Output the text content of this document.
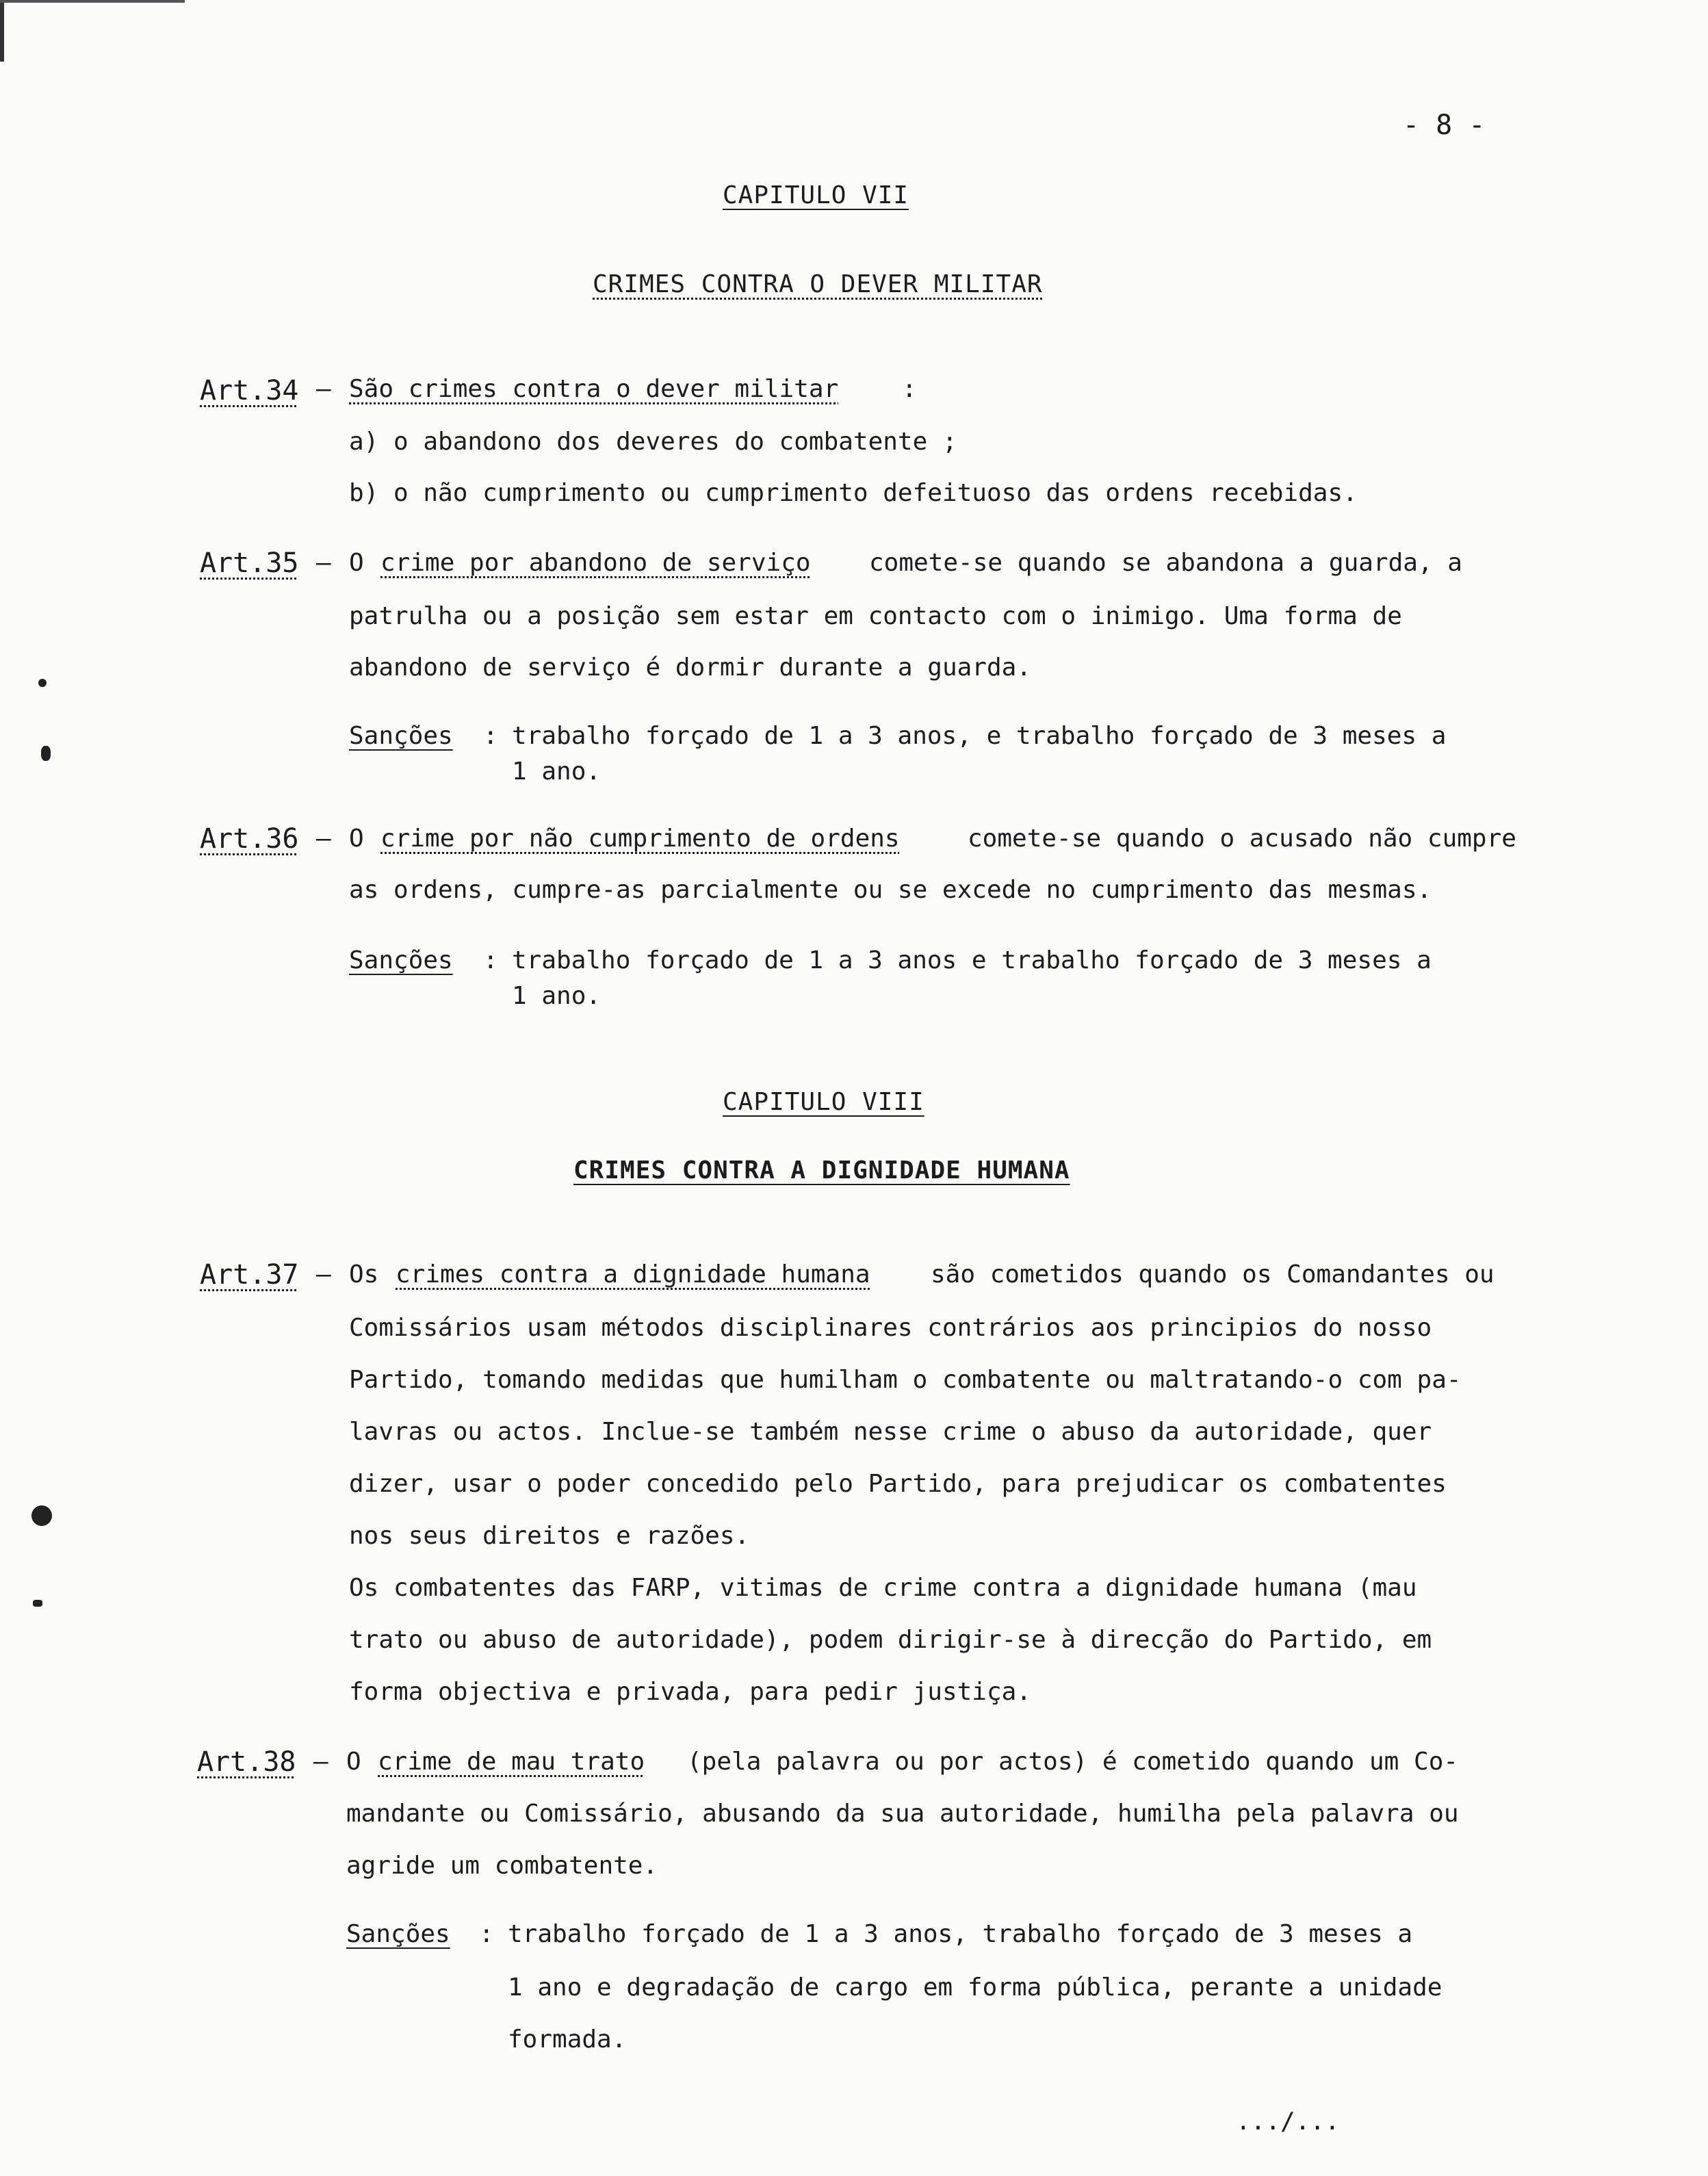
- 8 -
CAPITULO VII
CRIMES CONTRA O DEVER MILITAR
Art.34 – São crimes contra o dever militar	:
a) o abandono dos deveres do combatente ;
b) o não cumprimento ou cumprimento defeituoso das ordens recebidas.
Art.35 – O crime por abandono de serviço comete-se quando se abandona a guarda, a
patrulha ou a posição sem estar em contacto com o inimigo. Uma forma de
abandono de serviço é dormir durante a guarda.
Sanções : trabalho forçado de 1 a 3 anos, e trabalho forçado de 3 meses a
1 ano.
Art.36 – O crime por não cumprimento de ordens	comete-se quando o acusado não cumpre
as ordens, cumpre-as parcialmente ou se excede no cumprimento das mesmas.
Sanções : trabalho forçado de 1 a 3 anos e trabalho forçado de 3 meses a
1 ano.
CAPITULO VIII
CRIMES CONTRA A DIGNIDADE HUMANA
Art.37 – Os crimes contra a dignidade humana são cometidos quando os Comandantes ou
Comissários usam métodos disciplinares contrários aos principios do nosso
Partido, tomando medidas que humilham o combatente ou maltratando-o com pa-
lavras ou actos. Inclue-se também nesse crime o abuso da autoridade, quer
dizer, usar o poder concedido pelo Partido, para prejudicar os combatentes
nos seus direitos e razões.
Os combatentes das FARP, vitimas de crime contra a dignidade humana (mau
trato ou abuso de autoridade), podem dirigir-se à direcção do Partido, em
forma objectiva e privada, para pedir justiça.
Art.38 – O crime de mau trato (pela palavra ou por actos) é cometido quando um Co-
mandante ou Comissário, abusando da sua autoridade, humilha pela palavra ou
agride um combatente.
Sanções : trabalho forçado de 1 a 3 anos, trabalho forçado de 3 meses a
1 ano e degradação de cargo em forma pública, perante a unidade
formada.
.../...
